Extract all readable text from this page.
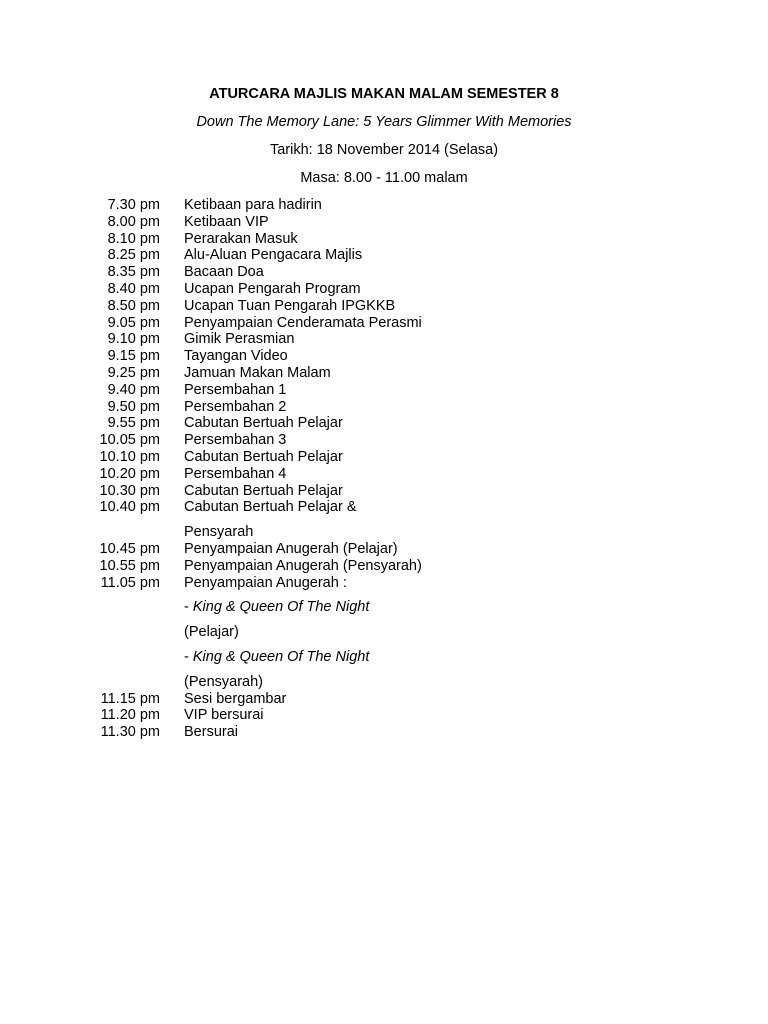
ATURCARA MAJLIS MAKAN MALAM SEMESTER 8
Down The Memory Lane: 5 Years Glimmer With Memories
Tarikh: 18 November 2014 (Selasa)
Masa: 8.00 - 11.00 malam
7.30 pm Ketibaan para hadirin
8.00 pm Ketibaan VIP
8.10 pm Perarakan Masuk
8.25 pm Alu-Aluan Pengacara Majlis
8.35 pm Bacaan Doa
8.40 pm Ucapan Pengarah Program
8.50 pm Ucapan Tuan Pengarah IPGKKB
9.05 pm Penyampaian Cenderamata Perasmi
9.10 pm Gimik Perasmian
9.15 pm Tayangan Video
9.25 pm Jamuan Makan Malam
9.40 pm Persembahan 1
9.50 pm Persembahan 2
9.55 pm Cabutan Bertuah Pelajar
10.05 pm Persembahan 3
10.10 pm Cabutan Bertuah Pelajar
10.20 pm Persembahan 4
10.30 pm Cabutan Bertuah Pelajar
10.40 pm Cabutan Bertuah Pelajar &
Pensyarah
10.45 pm Penyampaian Anugerah (Pelajar)
10.55 pm Penyampaian Anugerah (Pensyarah)
11.05 pm Penyampaian Anugerah :
- King & Queen Of The Night
(Pelajar)
- King & Queen Of The Night
(Pensyarah)
11.15 pm Sesi bergambar
11.20 pm VIP bersurai
11.30 pm Bersurai
